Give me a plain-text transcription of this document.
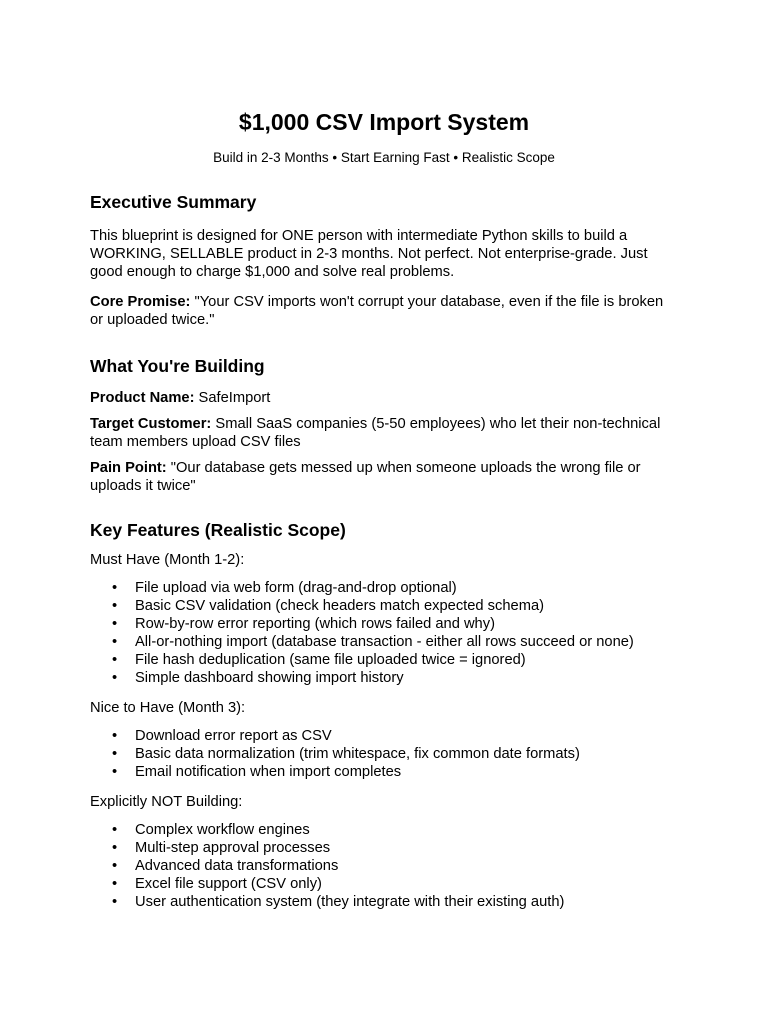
$1,000 CSV Import System

Build in 2-3 Months • Start Earning Fast • Realistic Scope

Executive Summary

This blueprint is designed for ONE person with intermediate Python skills to build a WORKING, SELLABLE product in 2-3 months. Not perfect. Not enterprise-grade. Just good enough to charge $1,000 and solve real problems.

Core Promise: "Your CSV imports won't corrupt your database, even if the file is broken or uploaded twice."

What You're Building

Product Name: SafeImport

Target Customer: Small SaaS companies (5-50 employees) who let their non-technical team members upload CSV files

Pain Point: "Our database gets messed up when someone uploads the wrong file or uploads it twice"

Key Features (Realistic Scope)

Must Have (Month 1-2):

• File upload via web form (drag-and-drop optional)
• Basic CSV validation (check headers match expected schema)
• Row-by-row error reporting (which rows failed and why)
• All-or-nothing import (database transaction - either all rows succeed or none)
• File hash deduplication (same file uploaded twice = ignored)
• Simple dashboard showing import history

Nice to Have (Month 3):

• Download error report as CSV
• Basic data normalization (trim whitespace, fix common date formats)
• Email notification when import completes

Explicitly NOT Building:

• Complex workflow engines
• Multi-step approval processes
• Advanced data transformations
• Excel file support (CSV only)
• User authentication system (they integrate with their existing auth)
